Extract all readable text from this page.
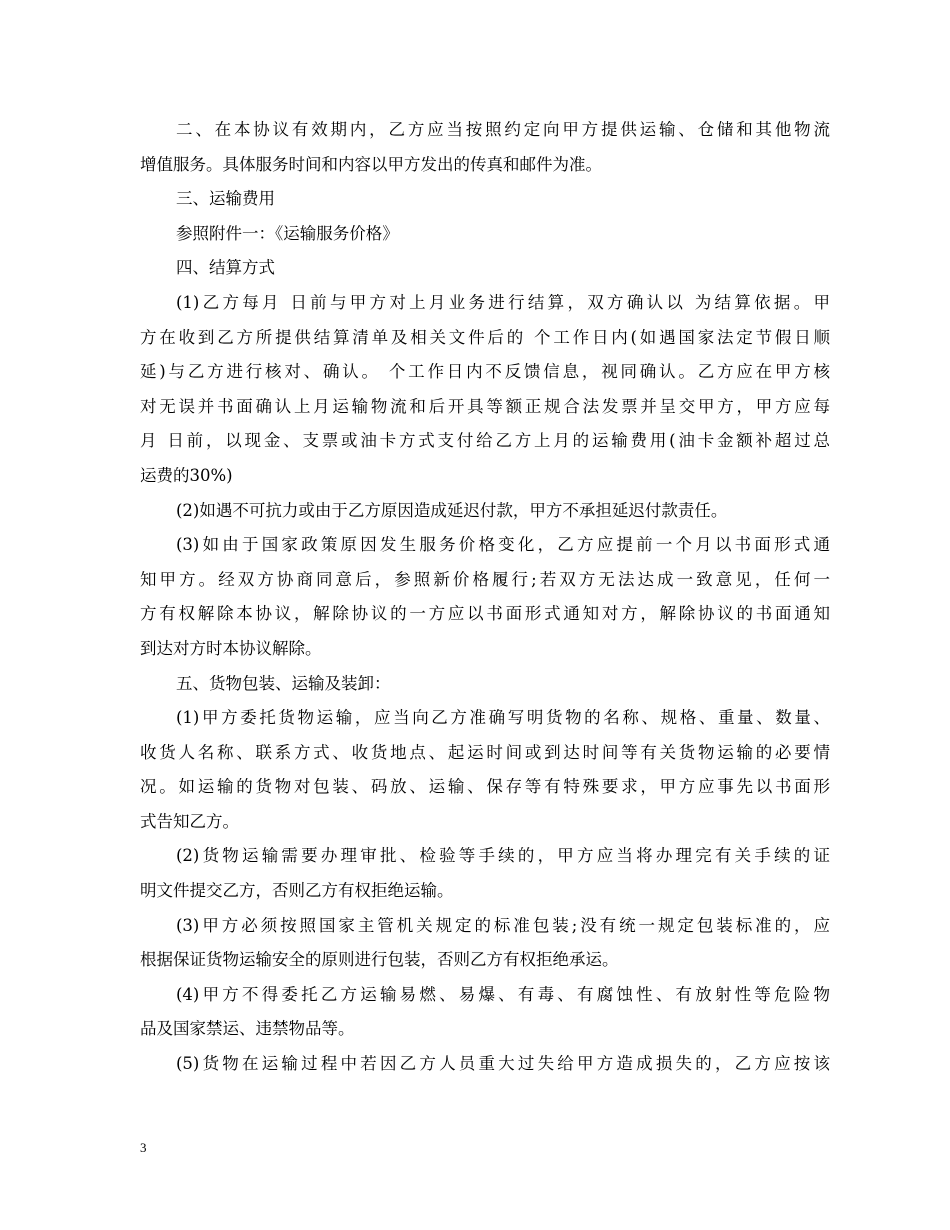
二、在本协议有效期内，乙方应当按照约定向甲方提供运输、仓储和其他物流
增值服务。具体服务时间和内容以甲方发出的传真和邮件为准。
三、运输费用
参照附件一：《运输服务价格》
四、结算方式
(1)乙方每月 日前与甲方对上月业务进行结算，双方确认以 为结算依据。甲
方在收到乙方所提供结算清单及相关文件后的 个工作日内(如遇国家法定节假日顺
延)与乙方进行核对、确认。 个工作日内不反馈信息，视同确认。乙方应在甲方核
对无误并书面确认上月运输物流和后开具等额正规合法发票并呈交甲方，甲方应每
月 日前，以现金、支票或油卡方式支付给乙方上月的运输费用(油卡金额补超过总
运费的30%)
(2)如遇不可抗力或由于乙方原因造成延迟付款，甲方不承担延迟付款责任。
(3)如由于国家政策原因发生服务价格变化，乙方应提前一个月以书面形式通
知甲方。经双方协商同意后，参照新价格履行;若双方无法达成一致意见，任何一
方有权解除本协议，解除协议的一方应以书面形式通知对方，解除协议的书面通知
到达对方时本协议解除。
五、货物包装、运输及装卸：
(1)甲方委托货物运输，应当向乙方准确写明货物的名称、规格、重量、数量、
收货人名称、联系方式、收货地点、起运时间或到达时间等有关货物运输的必要情
况。如运输的货物对包装、码放、运输、保存等有特殊要求，甲方应事先以书面形
式告知乙方。
(2)货物运输需要办理审批、检验等手续的，甲方应当将办理完有关手续的证
明文件提交乙方，否则乙方有权拒绝运输。
(3)甲方必须按照国家主管机关规定的标准包装;没有统一规定包装标准的，应
根据保证货物运输安全的原则进行包装，否则乙方有权拒绝承运。
(4)甲方不得委托乙方运输易燃、易爆、有毒、有腐蚀性、有放射性等危险物
品及国家禁运、违禁物品等。
(5)货物在运输过程中若因乙方人员重大过失给甲方造成损失的，乙方应按该
3
